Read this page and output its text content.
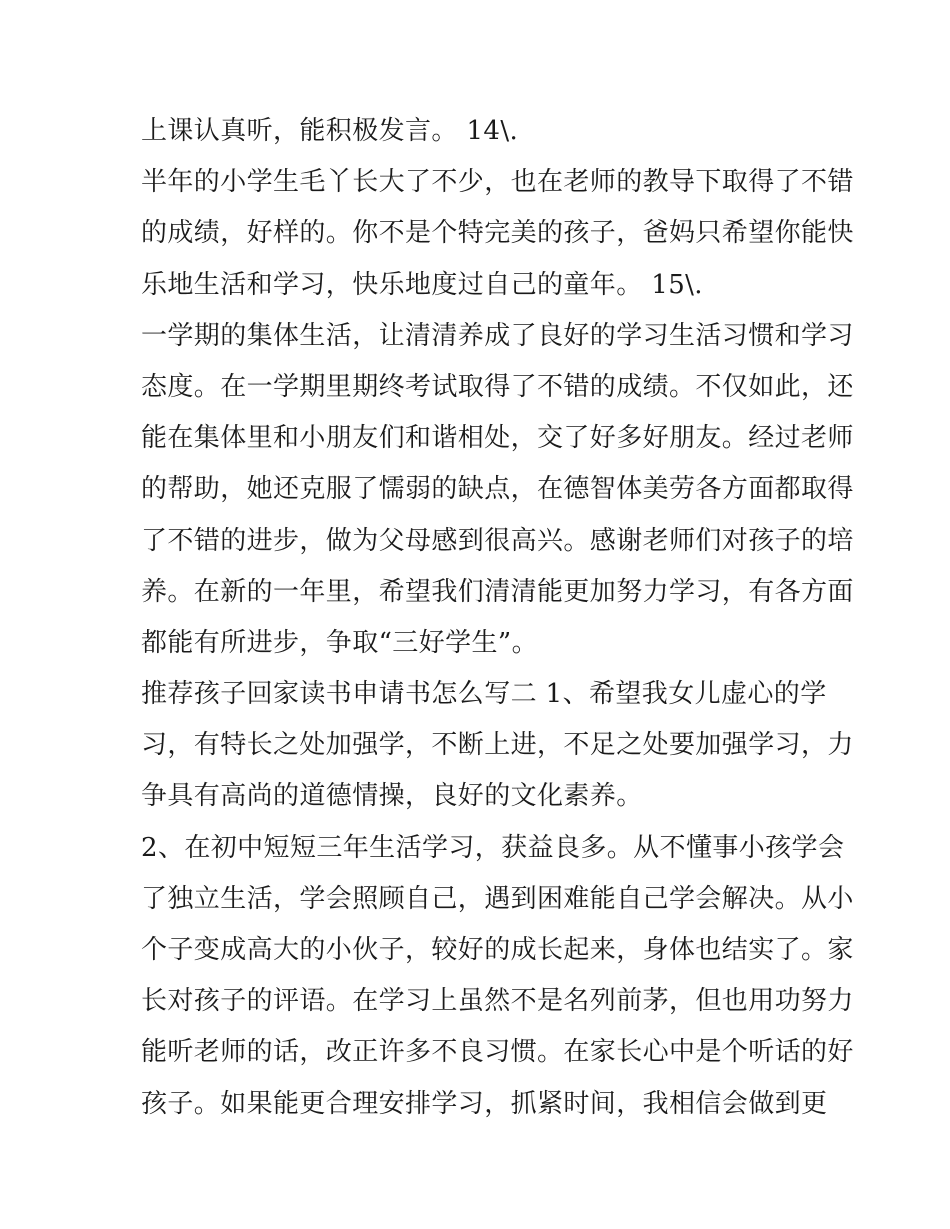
上课认真听，能积极发言。 14\.
半年的小学生毛丫长大了不少，也在老师的教导下取得了不错
的成绩，好样的。你不是个特完美的孩子，爸妈只希望你能快
乐地生活和学习，快乐地度过自己的童年。 15\.
一学期的集体生活，让清清养成了良好的学习生活习惯和学习
态度。在一学期里期终考试取得了不错的成绩。不仅如此，还
能在集体里和小朋友们和谐相处，交了好多好朋友。经过老师
的帮助，她还克服了懦弱的缺点，在德智体美劳各方面都取得
了不错的进步，做为父母感到很高兴。感谢老师们对孩子的培
养。在新的一年里，希望我们清清能更加努力学习，有各方面
都能有所进步，争取“三好学生”。
推荐孩子回家读书申请书怎么写二 1、希望我女儿虚心的学
习，有特长之处加强学，不断上进，不足之处要加强学习，力
争具有高尚的道德情操，良好的文化素养。
2、在初中短短三年生活学习，获益良多。从不懂事小孩学会
了独立生活，学会照顾自己，遇到困难能自己学会解决。从小
个子变成高大的小伙子，较好的成长起来，身体也结实了。家
长对孩子的评语。在学习上虽然不是名列前茅，但也用功努力
能听老师的话，改正许多不良习惯。在家长心中是个听话的好
孩子。如果能更合理安排学习，抓紧时间，我相信会做到更
